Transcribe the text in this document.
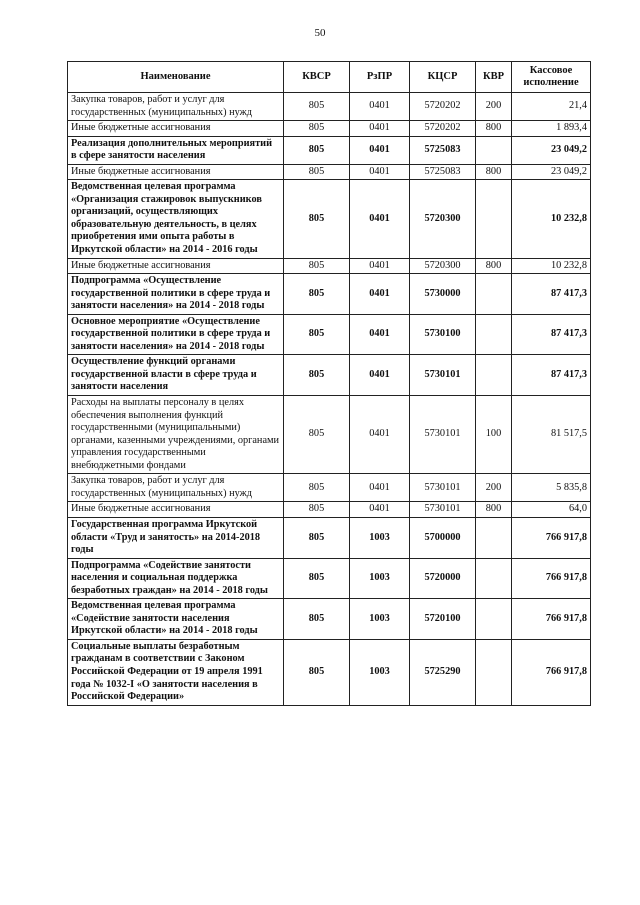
50
Наименование	КВСР	РзПР	КЦСР	КВР	Кассовое исполнение
Закупка товаров, работ и услуг для государственных (муниципальных) нужд	805	0401	5720202	200	21,4
Иные бюджетные ассигнования	805	0401	5720202	800	1 893,4
Реализация дополнительных мероприятий в сфере занятости населения	805	0401	5725083		23 049,2
Иные бюджетные ассигнования	805	0401	5725083	800	23 049,2
Ведомственная целевая программа «Организация стажировок выпускников организаций, осуществляющих образовательную деятельность, в целях приобретения ими опыта работы в Иркутской области» на 2014 - 2016 годы	805	0401	5720300		10 232,8
Иные бюджетные ассигнования	805	0401	5720300	800	10 232,8
Подпрограмма «Осуществление государственной политики в сфере труда и занятости населения» на 2014 - 2018 годы	805	0401	5730000		87 417,3
Основное мероприятие «Осуществление государственной политики в сфере труда и занятости населения» на 2014 - 2018 годы	805	0401	5730100		87 417,3
Осуществление функций органами государственной власти в сфере труда и занятости населения	805	0401	5730101		87 417,3
Расходы на выплаты персоналу в целях обеспечения выполнения функций государственными (муниципальными) органами, казенными учреждениями, органами управления государственными внебюджетными фондами	805	0401	5730101	100	81 517,5
Закупка товаров, работ и услуг для государственных (муниципальных) нужд	805	0401	5730101	200	5 835,8
Иные бюджетные ассигнования	805	0401	5730101	800	64,0
Государственная программа Иркутской области «Труд и занятость» на 2014-2018 годы	805	1003	5700000		766 917,8
Подпрограмма «Содействие занятости населения и социальная поддержка безработных граждан» на 2014 - 2018 годы	805	1003	5720000		766 917,8
Ведомственная целевая программа «Содействие занятости населения Иркутской области» на 2014 - 2018 годы	805	1003	5720100		766 917,8
Социальные выплаты безработным гражданам в соответствии с Законом Российской Федерации от 19 апреля 1991 года № 1032-I «О занятости населения в Российской Федерации»	805	1003	5725290		766 917,8
